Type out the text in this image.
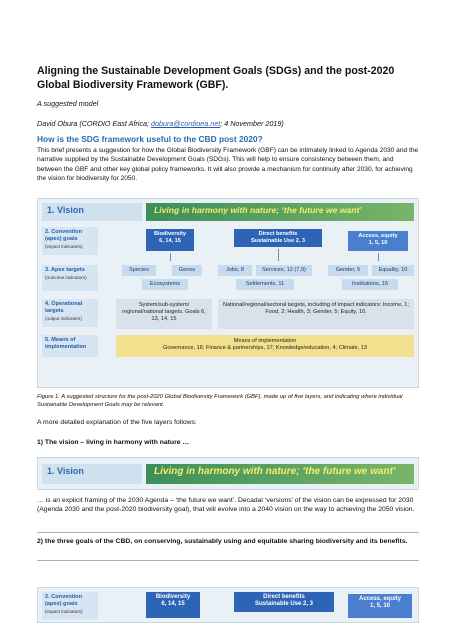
Aligning the Sustainable Development Goals (SDGs) and the post-2020 Global Biodiversity Framework (GBF).
A suggested model
David Obura (CORDIO East Africa; dobura@cordioea.net; 4 November 2019)
How is the SDG framework useful to the CBD post 2020?
This brief presents a suggestion for how the Global Biodiversity Framework (GBF) can be intimately linked to Agenda 2030 and the narrative supplied by the Sustainable Development Goals (SDGs). This will help to ensure consistency between them, and between the GBF and other key global policy frameworks. It will also provide a mechanism for continuity after 2030, for achieving the vision for biodiversity for 2050.
1. Vision	Living in harmony with nature; ‘the future we want’
2. Convention (apex) goals
(impact indicators)
Biodiversity
6, 14, 15
Direct benefits
Sustainable Use 2, 3
Access, equity
1, 5, 10
3. Apex targets
(outcome indicators)
Species	Genes
Ecosystems
Jobs, 8	Services, 12 (7,9)
Settlements, 11
Gender, 5	Equality, 10
Institutions, 16
4. Operational targets
(output indicators)
System/sub-system/ regional/national targets. Goals 6, 13, 14, 15
National/regional/sectoral targets, including of impact indicators: Income, 1; Food, 2; Health, 3; Gender, 5; Equity, 10.
5. Means of implementation
Means of implementation
Governance, 16; Finance & partnerships, 17; Knowledge/education, 4; Climate, 13
Figure 1. A suggested structure for the post-2020 Global Biodiversity Framework (GBF), made up of five layers, and indicating where individual Sustainable Development Goals may be relevant.
A more detailed explanation of the five layers follows:
1) The vision – living in harmony with nature …
1. Vision	Living in harmony with nature; ‘the future we want’
… is an explicit framing of the 2030 Agenda – ‘the future we want’. Decadal ‘versions’ of the vision can be expressed for 2030 (Agenda 2030 and the post-2020 biodiversity goal), that will evolve into a 2040 vision on the way to achieving the 2050 vision.
2) the three goals of the CBD, on conserving, sustainably using and equitable sharing biodiversity and its benefits.
2. Convention (apex) goals
(impact indicators)
Biodiversity
6, 14, 15
Direct benefits
Sustainable Use 2, 3
Access, equity
1, 5, 10
